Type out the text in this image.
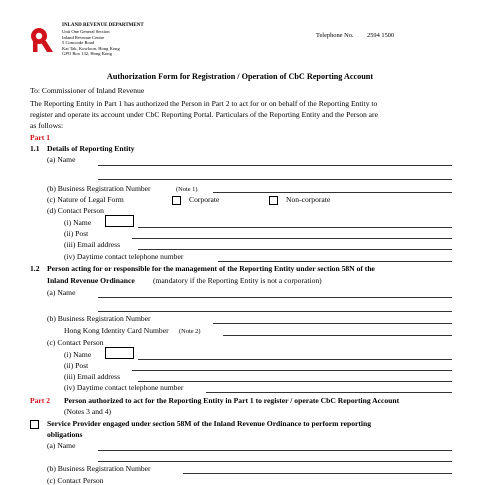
INLAND REVENUE DEPARTMENT
Unit One General Section
Inland Revenue Centre
5 Concorde Road
Kai Tak, Kowloon, Hong Kong
GPO Box 132, Hong Kong
Telephone No. 2594 1500
Authorization Form for Registration / Operation of CbC Reporting Account
To: Commissioner of Inland Revenue
The Reporting Entity in Part 1 has authorized the Person in Part 2 to act for or on behalf of the Reporting Entity to
register and operate its account under CbC Reporting Portal. Particulars of the Reporting Entity and the Person are
as follows:
Part 1
1.1 Details of Reporting Entity
(a) Name
(b) Business Registration Number	(Note 1)
(c) Nature of Legal Form	Corporate	Non-corporate
(d) Contact Person
(i) Name
(ii) Post
(iii) Email address
(iv) Daytime contact telephone number
1.2 Person acting for or responsible for the management of the Reporting Entity under section 58N of the
Inland Revenue Ordinance (mandatory if the Reporting Entity is not a corporation)
(a) Name
(b) Business Registration Number
Hong Kong Identity Card Number (Note 2)
(c) Contact Person
(i) Name
(ii) Post
(iii) Email address
(iv) Daytime contact telephone number
Part 2 Person authorized to act for the Reporting Entity in Part 1 to register / operate CbC Reporting Account
(Notes 3 and 4)
Service Provider engaged under section 58M of the Inland Revenue Ordinance to perform reporting
obligations
(a) Name
(b) Business Registration Number
(c) Contact Person
